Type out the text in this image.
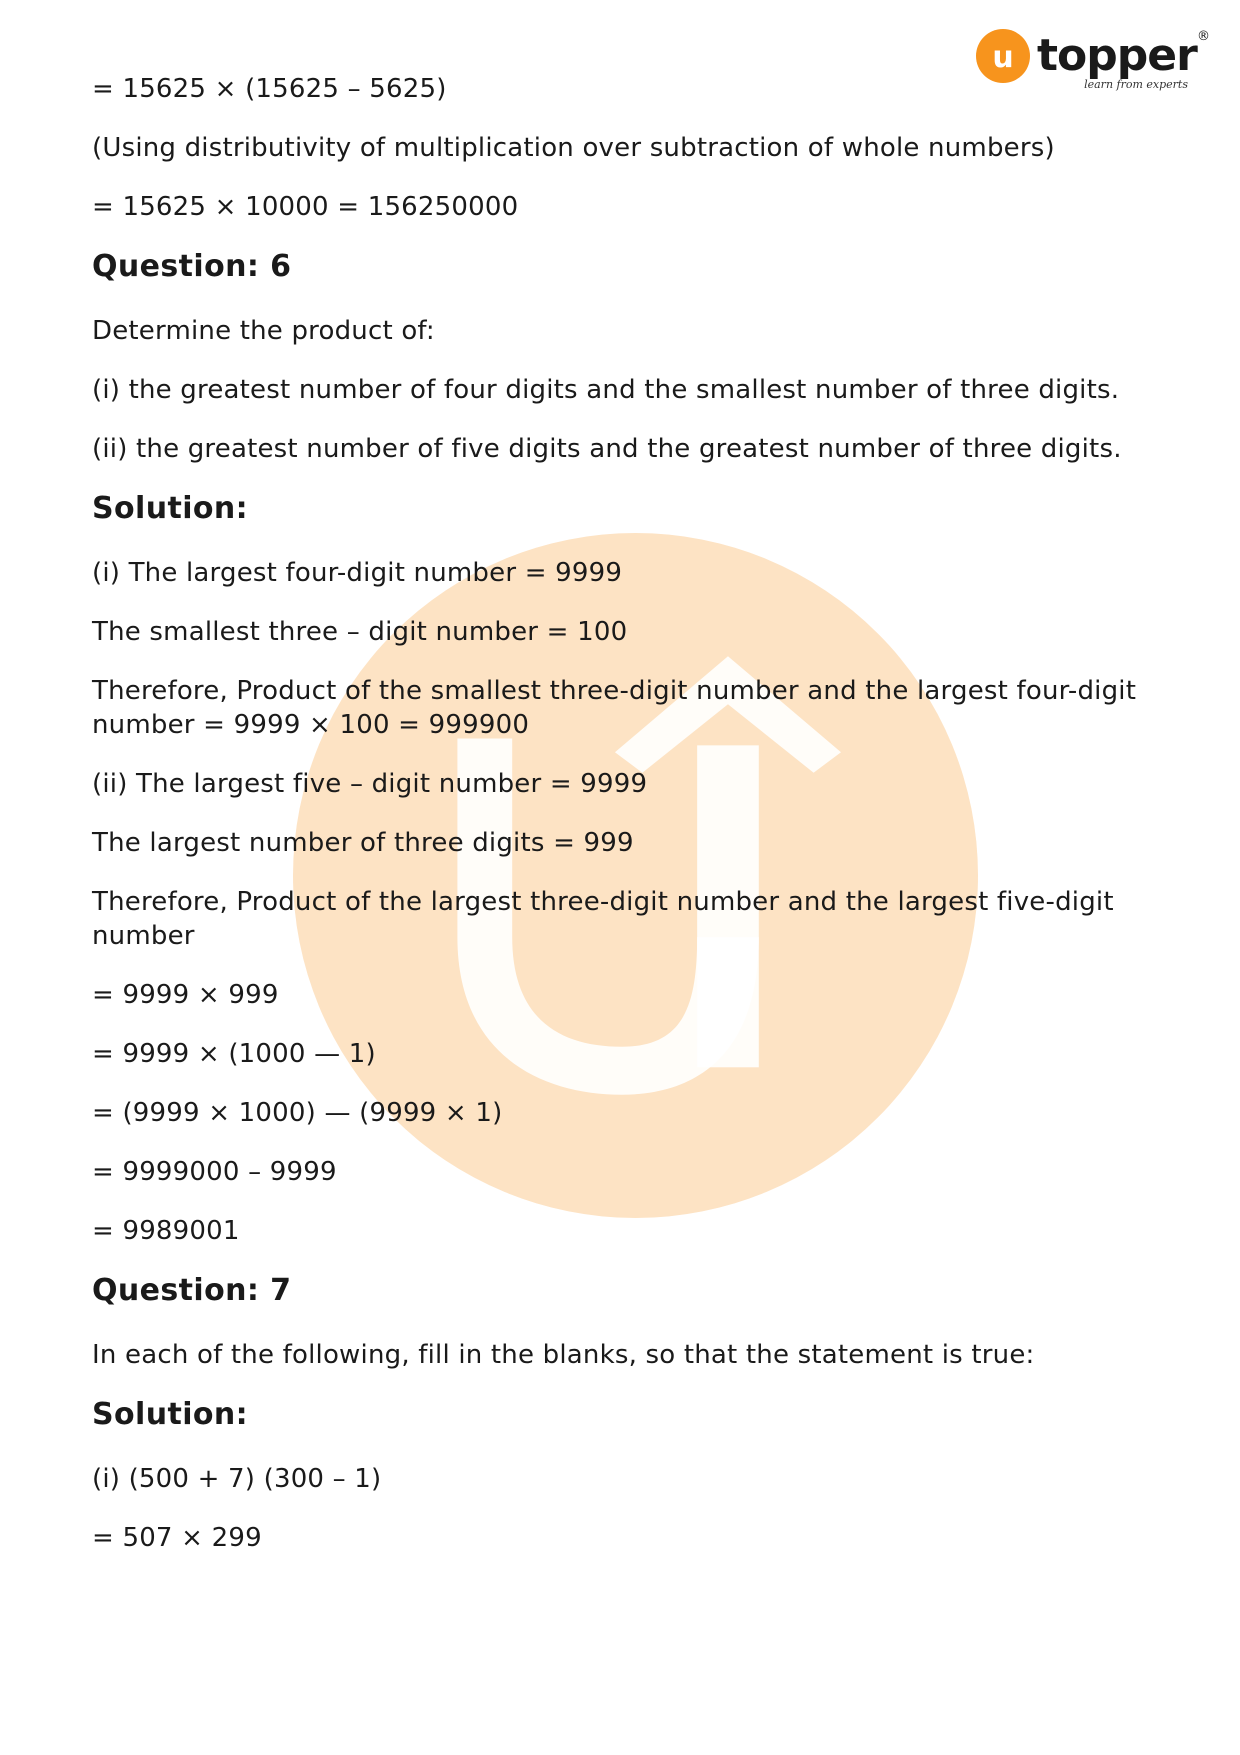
u topper ®
learn from experts

= 15625 × (15625 – 5625)

(Using distributivity of multiplication over subtraction of whole numbers)

= 15625 × 10000 = 156250000

Question: 6

Determine the product of:

(i) the greatest number of four digits and the smallest number of three digits.

(ii) the greatest number of five digits and the greatest number of three digits.

Solution:

(i) The largest four-digit number = 9999

The smallest three – digit number = 100

Therefore, Product of the smallest three-digit number and the largest four-digit

number = 9999 × 100 = 999900

(ii) The largest five – digit number = 9999

The largest number of three digits = 999

Therefore, Product of the largest three-digit number and the largest five-digit

number

= 9999 × 999

= 9999 × (1000 — 1)

= (9999 × 1000) — (9999 × 1)

= 9999000 – 9999

= 9989001

Question: 7

In each of the following, fill in the blanks, so that the statement is true:

Solution:

(i) (500 + 7) (300 – 1)

= 507 × 299
